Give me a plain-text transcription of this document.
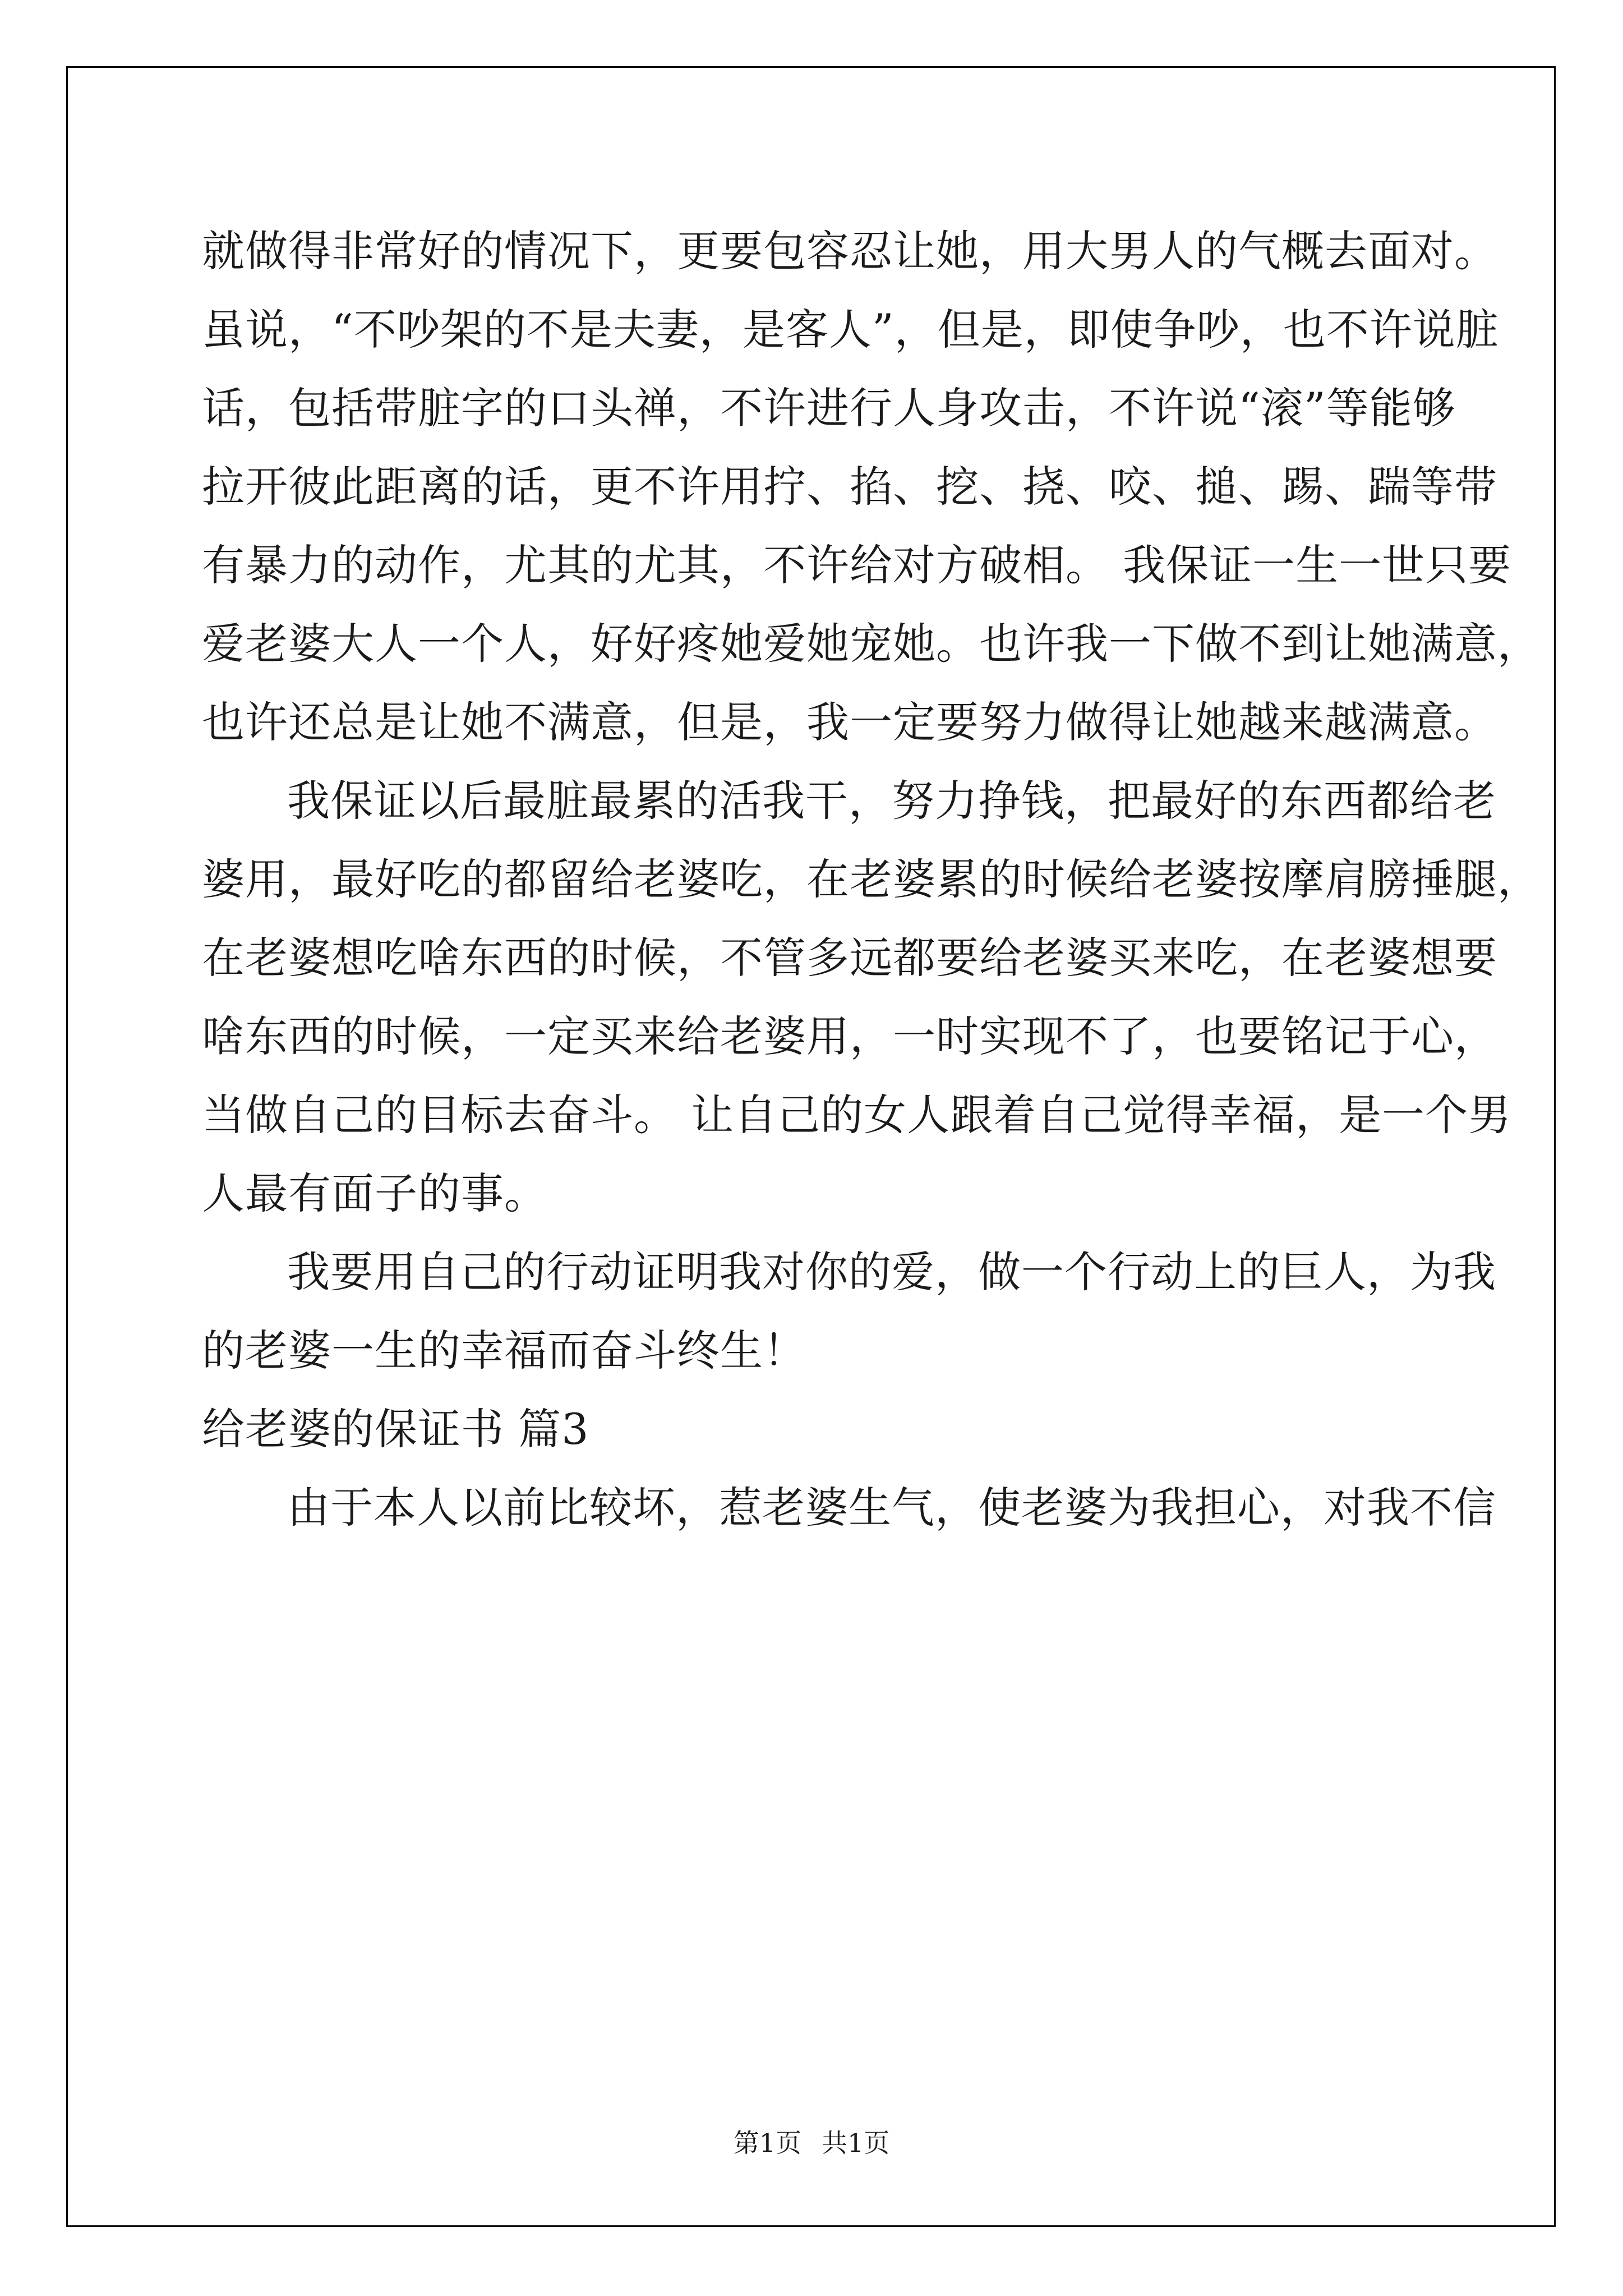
就做得非常好的情况下，更要包容忍让她，用大男人的气概去面对。
虽说，“不吵架的不是夫妻，是客人”，但是，即使争吵，也不许说脏
话，包括带脏字的口头禅，不许进行人身攻击，不许说“滚”等能够
拉开彼此距离的话，更不许用拧、掐、挖、挠、咬、搥、踢、踹等带
有暴力的动作，尤其的尤其，不许给对方破相。 我保证一生一世只要
爱老婆大人一个人，好好疼她爱她宠她。也许我一下做不到让她满意，
也许还总是让她不满意，但是，我一定要努力做得让她越来越满意。
我保证以后最脏最累的活我干，努力挣钱，把最好的东西都给老
婆用，最好吃的都留给老婆吃，在老婆累的时候给老婆按摩肩膀捶腿，
在老婆想吃啥东西的时候，不管多远都要给老婆买来吃，在老婆想要
啥东西的时候，一定买来给老婆用，一时实现不了，也要铭记于心，
当做自己的目标去奋斗。 让自己的女人跟着自己觉得幸福，是一个男
人最有面子的事。
我要用自己的行动证明我对你的爱，做一个行动上的巨人，为我
的老婆一生的幸福而奋斗终生！
给老婆的保证书 篇3
由于本人以前比较坏，惹老婆生气，使老婆为我担心，对我不信
第1页 共1页
